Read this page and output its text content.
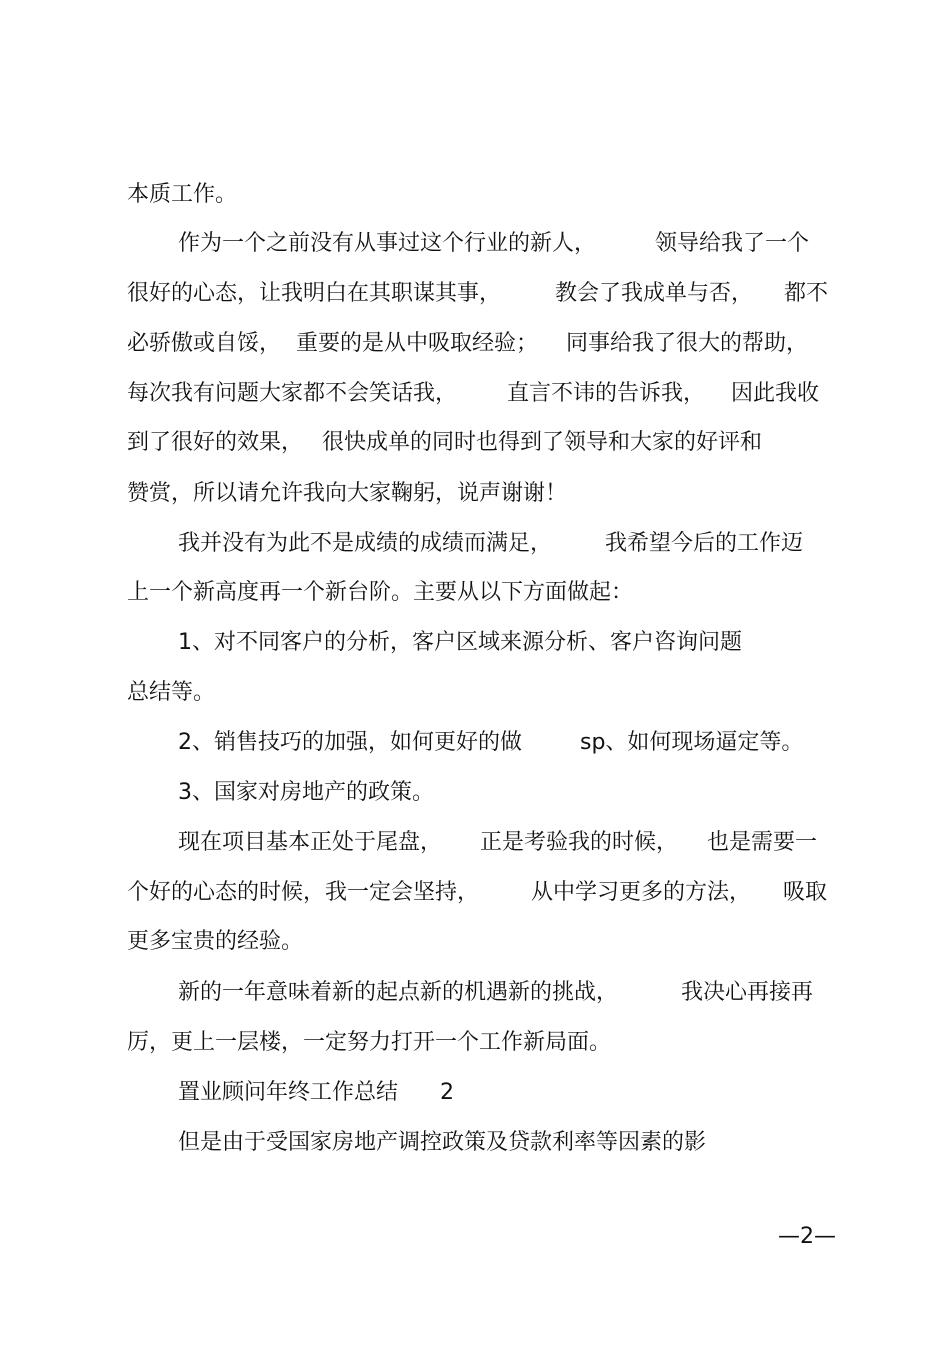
本质工作。
作为一个之前没有从事过这个行业的新人，	领导给我了一个
很好的心态，让我明白在其职谋其事， 教会了我成单与否， 都不
必骄傲或自馁， 重要的是从中吸取经验； 同事给我了很大的帮助，
每次我有问题大家都不会笑话我， 直言不讳的告诉我， 因此我收
到了很好的效果， 很快成单的同时也得到了领导和大家的好评和
赞赏，所以请允许我向大家鞠躬，说声谢谢！
我并没有为此不是成绩的成绩而满足， 我希望今后的工作迈
上一个新高度再一个新台阶。主要从以下方面做起：
1、对不同客户的分析，客户区域来源分析、客户咨询问题
总结等。
2、销售技巧的加强，如何更好的做	sp、如何现场逼定等。
3、国家对房地产的政策。
现在项目基本正处于尾盘， 正是考验我的时候， 也是需要一
个好的心态的时候，我一定会坚持， 从中学习更多的方法， 吸取
更多宝贵的经验。
新的一年意味着新的起点新的机遇新的挑战，	我决心再接再
厉，更上一层楼，一定努力打开一个工作新局面。
置业顾问年终工作总结 2
但是由于受国家房地产调控政策及贷款利率等因素的影
—2—
